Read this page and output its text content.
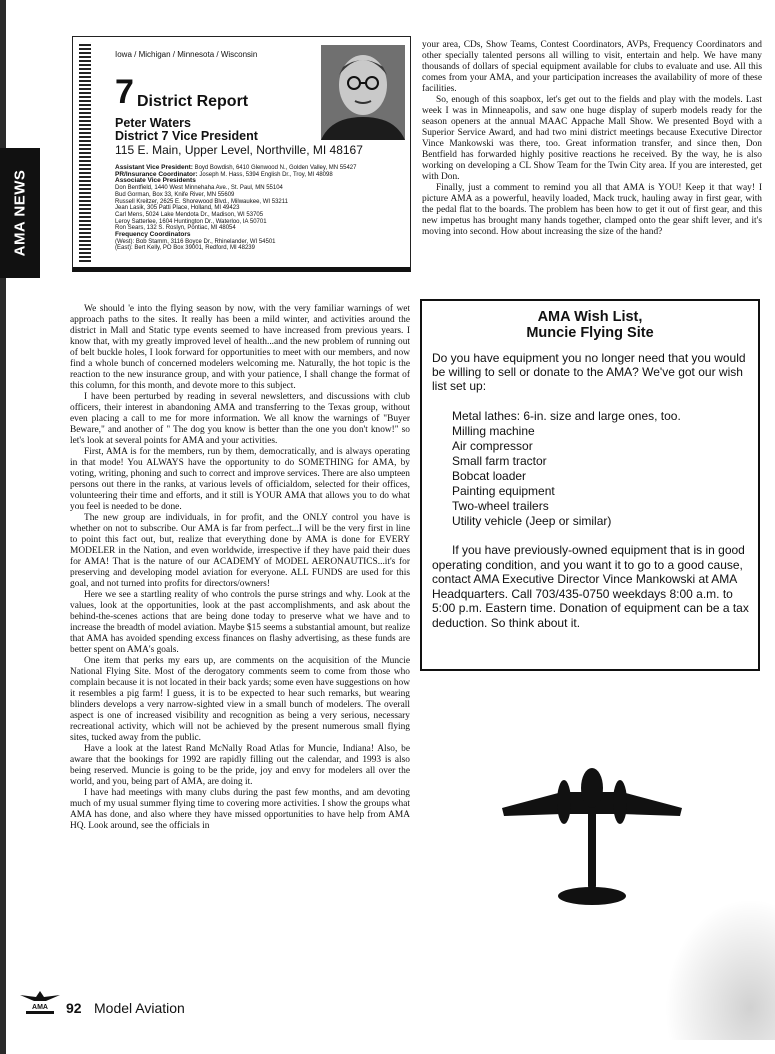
AMA NEWS
Iowa / Michigan / Minnesota / Wisconsin
7 District Report
Peter Waters
District 7 Vice President
115 E. Main, Upper Level, Northville, MI 48167
Assistant Vice President: Boyd Bowdish, 6410 Glenwood N., Golden Valley, MN 55427
PR/Insurance Coordinator: Joseph M. Hass, 5394 English Dr., Troy, MI 48098
Associate Vice Presidents
Don Bentfield, 1440 West Minnehaha Ave., St. Paul, MN 55104
Bud Gorman, Box 33, Knife River, MN 55609
Russell Kreitzer, 2625 E. Shorewood Blvd., Milwaukee, WI 53211
Jean Lasik, 305 Patti Place, Holland, MI 49423
Carl Mens, 5024 Lake Mendota Dr., Madison, WI 53705
Leroy Satterlee, 1604 Huntington Dr., Waterloo, IA 50701
Ron Sears, 132 S. Roslyn, Pontiac, MI 48054
Frequency Coordinators
(West): Bob Stamm, 3116 Boyce Dr., Rhinelander, WI 54501
(East): Bert Kelly, PO Box 39001, Redford, MI 48239

your area, CDs, Show Teams, Contest Coordinators, AVPs, Frequency Coordinators and other specially talented persons all willing to visit, entertain and help. We have many thousands of dollars of special equipment available for clubs to evaluate and use. All this comes from your AMA, and your participation increases the availability of more of these facilities.

So, enough of this soapbox, let's get out to the fields and play with the models. Last week I was in Minneapolis, and saw one huge display of superb models ready for the season openers at the annual MAAC Appache Mall Show. We presented Boyd with a Superior Service Award, and had two mini district meetings because Executive Director Vince Mankowski was there, too. Great information transfer, and since then, Don Bentfield has forwarded highly positive reactions he received. By the way, he is also working on developing a CL Show Team for the Twin City area. If you are interested, get with Don.

Finally, just a comment to remind you all that AMA is YOU! Keep it that way! I picture AMA as a powerful, heavily loaded, Mack truck, hauling away in first gear, with the pedal flat to the boards. The problem has been how to get it out of first gear, and this new impetus has brought many hands together, clamped onto the gear shift lever, and it's moving into second. How about increasing the size of the hand?

We should 'e into the flying season by now, with the very familiar warnings of wet approach paths to the sites. It really has been a mild winter, and activities around the district in Mall and Static type events seemed to have increased from previous years. I know that, with my greatly improved level of health...and the new problem of running out of belt buckle holes, I look forward for opportunities to meet with our members, and now find a whole bunch of concerned modelers welcoming me. Naturally, the hot topic is the reaction to the new insurance group, and with your patience, I shall change the format of this column, for this month, and devote more to this subject.

I have been perturbed by reading in several newsletters, and discussions with club officers, their interest in abandoning AMA and transferring to the Texas group, without even placing a call to me for more information. We all know the warnings of "Buyer Beware," and another of " The dog you know is better than the one you don't know!" so let's look at several points for AMA and your activities.

First, AMA is for the members, run by them, democratically, and is always operating in that mode! You ALWAYS have the opportunity to do SOMETHING for AMA, by voting, writing, phoning and such to correct and improve services. There are also umpteen persons out there in the ranks, at various levels of officialdom, selected for their offices, volunteering their time and efforts, and it still is YOUR AMA that allows you to do what you feel is needed to be done.

The new group are individuals, in for profit, and the ONLY control you have is whether on not to subscribe. Our AMA is far from perfect...I will be the very first in line to point this fact out, but, realize that everything done by AMA is done for EVERY MODELER in the Nation, and even worldwide, irrespective if they have paid their dues for AMA! That is the nature of our ACADEMY of MODEL AERONAUTICS...it's for preserving and developing model aviation for everyone. ALL FUNDS are used for this goal, and not turned into profits for directors/owners!

Here we see a startling reality of who controls the purse strings and why. Look at the values, look at the opportunities, look at the past accomplishments, and ask about the behind-the-scenes actions that are being done today to preserve what we have and to increase the breadth of model aviation. Maybe $15 seems a substantial amount, but realize that AMA has avoided spending excess finances on flashy advertising, as these funds are better spent on AMA's goals.

One item that perks my ears up, are comments on the acquisition of the Muncie National Flying Site. Most of the derogatory comments seem to come from those who complain because it is not located in their back yards; some even have suggestions on how it resembles a pig farm! I guess, it is to be expected to hear such remarks, but wearing blinders develops a very narrow-sighted view in a small bunch of modelers. The overall aspect is one of increased visibility and recognition as being a very serious, necessary recreational activity, which will not be achieved by the present numerous small flying sites, tucked away from the public.

Have a look at the latest Rand McNally Road Atlas for Muncie, Indiana! Also, be aware that the bookings for 1992 are rapidly filling out the calendar, and 1993 is also being reserved. Muncie is going to be the pride, joy and envy for modelers all over the world, and you, being part of AMA, are doing it.

I have had meetings with many clubs during the past few months, and am devoting much of my usual summer flying time to covering more activities. I show the groups what AMA has done, and also where they have missed opportunities to have help from AMA HQ. Look around, see the officials in

AMA Wish List,
Muncie Flying Site
Do you have equipment you no longer need that you would be willing to sell or donate to the AMA? We've got our wish list set up:
Metal lathes: 6-in. size and large ones, too.
Milling machine
Air compressor
Small farm tractor
Bobcat loader
Painting equipment
Two-wheel trailers
Utility vehicle (Jeep or similar)
If you have previously-owned equipment that is in good operating condition, and you want it to go to a good cause, contact AMA Executive Director Vince Mankowski at AMA Headquarters. Call 703/435-0750 weekdays 8:00 a.m. to 5:00 p.m. Eastern time. Donation of equipment can be a tax deduction. So think about it.
AMA 92 Model Aviation
